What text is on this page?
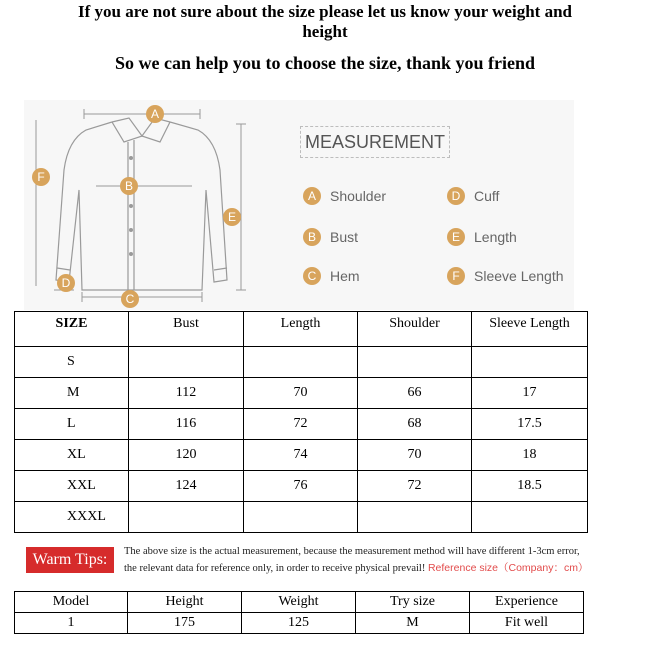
If you are not sure about the size please let us know your weight and height
So we can help you to choose the size, thank you friend
A
B
C
D
E
F
MEASUREMENT
A	Shoulder
B	Bust
C Hem
D Cuff
E	Length
F	Sleeve Length
SIZE	Bust	Length	Shoulder	Sleeve Length
S				
M	112	70	66	17
L	116	72	68	17.5
XL	120	74	70	18
XXL	124	76	72	18.5
XXXL				
Warm Tips:	The above size is the actual measurement, because the measurement method will have different 1-3cm error,
the relevant data for reference only, in order to receive physical prevail! Reference size（Company：cm）
Model	Height	Weight	Try size	Experience
1	175	125	M	Fit well
